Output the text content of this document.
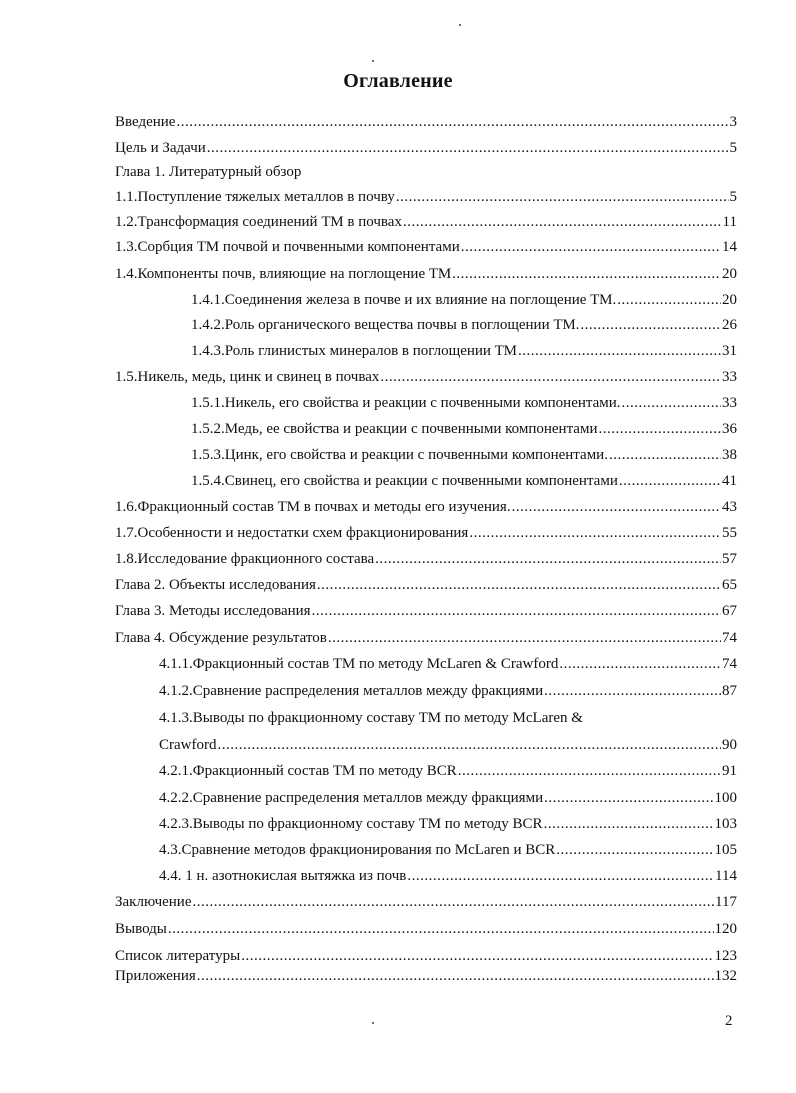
Оглавление
Введение .....	3
Цель и Задачи .....	5
Глава 1. Литературный обзор
1.1.Поступление тяжелых металлов в почву .....	5
1.2.Трансформация соединений ТМ в почвах .....	11
1.3.Сорбция ТМ почвой и почвенными компонентами .....	14
1.4.Компоненты почв, влияющие на поглощение ТМ .....	20
1.4.1.Соединения железа в почве и их влияние на поглощение ТМ. .....	20
1.4.2.Роль органического вещества почвы в поглощении ТМ. .....	26
1.4.3.Роль глинистых минералов в поглощении ТМ .....	31
1.5.Никель, медь, цинк и свинец в почвах .....	33
1.5.1.Никель, его свойства и реакции с почвенными компонентами. .....	33
1.5.2.Медь, ее свойства и реакции с почвенными компонентами .....	36
1.5.3.Цинк, его свойства и реакции с почвенными компонентами. .....	38
1.5.4.Свинец, его свойства и реакции с почвенными компонентами .....	41
1.6.Фракционный состав ТМ в почвах и методы его изучения. .....	43
1.7.Особенности и недостатки схем фракционирования .....	55
1.8.Исследование фракционного состава .....	57
Глава 2. Объекты исследования .....	65
Глава 3. Методы исследования .....	67
Глава 4. Обсуждение результатов .....	74
4.1.1.Фракционный состав ТМ по методу McLaren & Crawford .....	74
4.1.2.Сравнение распределения металлов между фракциями .....	87
4.1.3.Выводы по фракционному составу ТМ по методу McLaren &
Crawford .....	90
4.2.1.Фракционный состав ТМ по методу BCR .....	91
4.2.2.Сравнение распределения металлов между фракциями .....	100
4.2.3.Выводы по фракционному составу ТМ по методу BCR .....	103
4.3.Сравнение методов фракционирования по McLaren и BCR .....	105
4.4. 1 н. азотнокислая вытяжка из почв .....	114
Заключение .....	117
Выводы .....	120
Список литературы .....	123
Приложения .....	132
2
